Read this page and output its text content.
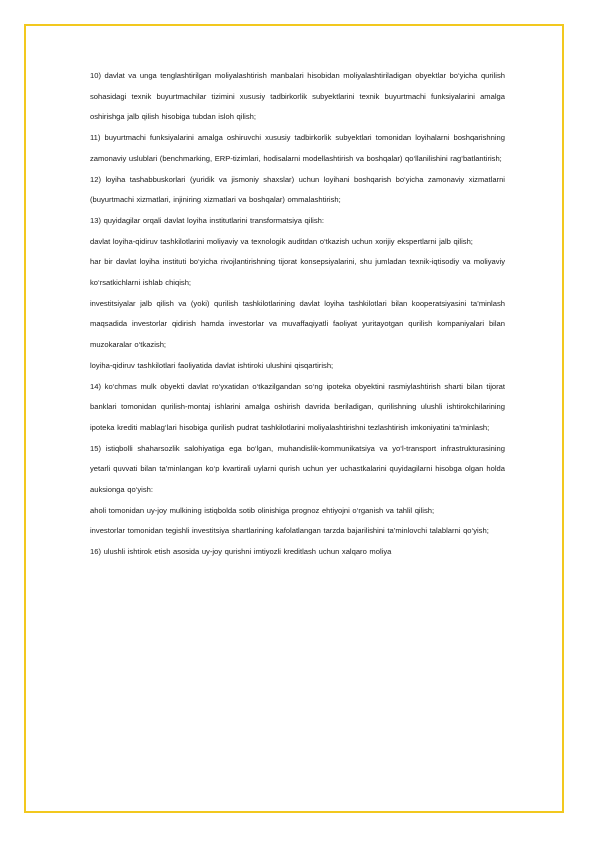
10) davlat va unga tenglashtirilgan moliyalashtirish manbalari hisobidan moliyalashtiriladigan obyektlar bo‘yicha qurilish sohasidagi texnik buyurtmachilar tizimini xususiy tadbirkorlik subyektlarini texnik buyurtmachi funksiyalarini amalga oshirishga jalb qilish hisobiga tubdan isloh qilish;

11) buyurtmachi funksiyalarini amalga oshiruvchi xususiy tadbirkorlik subyektlari tomonidan loyihalarni boshqarishning zamonaviy uslublari (benchmarking, ERP-tizimlari, hodisalarni modellashtirish va boshqalar) qo‘llanilishini rag‘batlantirish;

12) loyiha tashabbuskorlari (yuridik va jismoniy shaxslar) uchun loyihani boshqarish bo‘yicha zamonaviy xizmatlarni (buyurtmachi xizmatlari, injiniring xizmatlari va boshqalar) ommalashtirish;

13) quyidagilar orqali davlat loyiha institutlarini transformatsiya qilish:

davlat loyiha-qidiruv tashkilotlarini moliyaviy va texnologik auditdan o‘tkazish uchun xorijiy ekspertlarni jalb qilish;

har bir davlat loyiha instituti bo‘yicha rivojlantirishning tijorat konsepsiyalarini, shu jumladan texnik-iqtisodiy va moliyaviy ko‘rsatkichlarni ishlab chiqish;

investitsiyalar jalb qilish va (yoki) qurilish tashkilotlarining davlat loyiha tashkilotlari bilan kooperatsiyasini ta’minlash maqsadida investorlar qidirish hamda investorlar va muvaffaqiyatli faoliyat yuritayotgan qurilish kompaniyalari bilan muzokaralar o‘tkazish;

loyiha-qidiruv tashkilotlari faoliyatida davlat ishtiroki ulushini qisqartirish;

14) ko‘chmas mulk obyekti davlat ro‘yxatidan o‘tkazilgandan so‘ng ipoteka obyektini rasmiylashtirish sharti bilan tijorat banklari tomonidan qurilish-montaj ishlarini amalga oshirish davrida beriladigan, qurilishning ulushli ishtirokchilarining ipoteka krediti mablag‘lari hisobiga qurilish pudrat tashkilotlarini moliyalashtirishni tezlashtirish imkoniyatini ta’minlash;

15) istiqbolli shaharsozlik salohiyatiga ega bo‘lgan, muhandislik-kommunikatsiya va yo‘l-transport infrastrukturasining yetarli quvvati bilan ta’minlangan ko‘p kvartirali uylarni qurish uchun yer uchastkalarini quyidagilarni hisobga olgan holda auksionga qo‘yish:

aholi tomonidan uy-joy mulkining istiqbolda sotib olinishiga prognoz ehtiyojni o‘rganish va tahlil qilish;

investorlar tomonidan tegishli investitsiya shartlarining kafolatlangan tarzda bajarilishini ta’minlovchi talablarni qo‘yish;

16) ulushli ishtirok etish asosida uy-joy qurishni imtiyozli kreditlash uchun xalqaro moliya
